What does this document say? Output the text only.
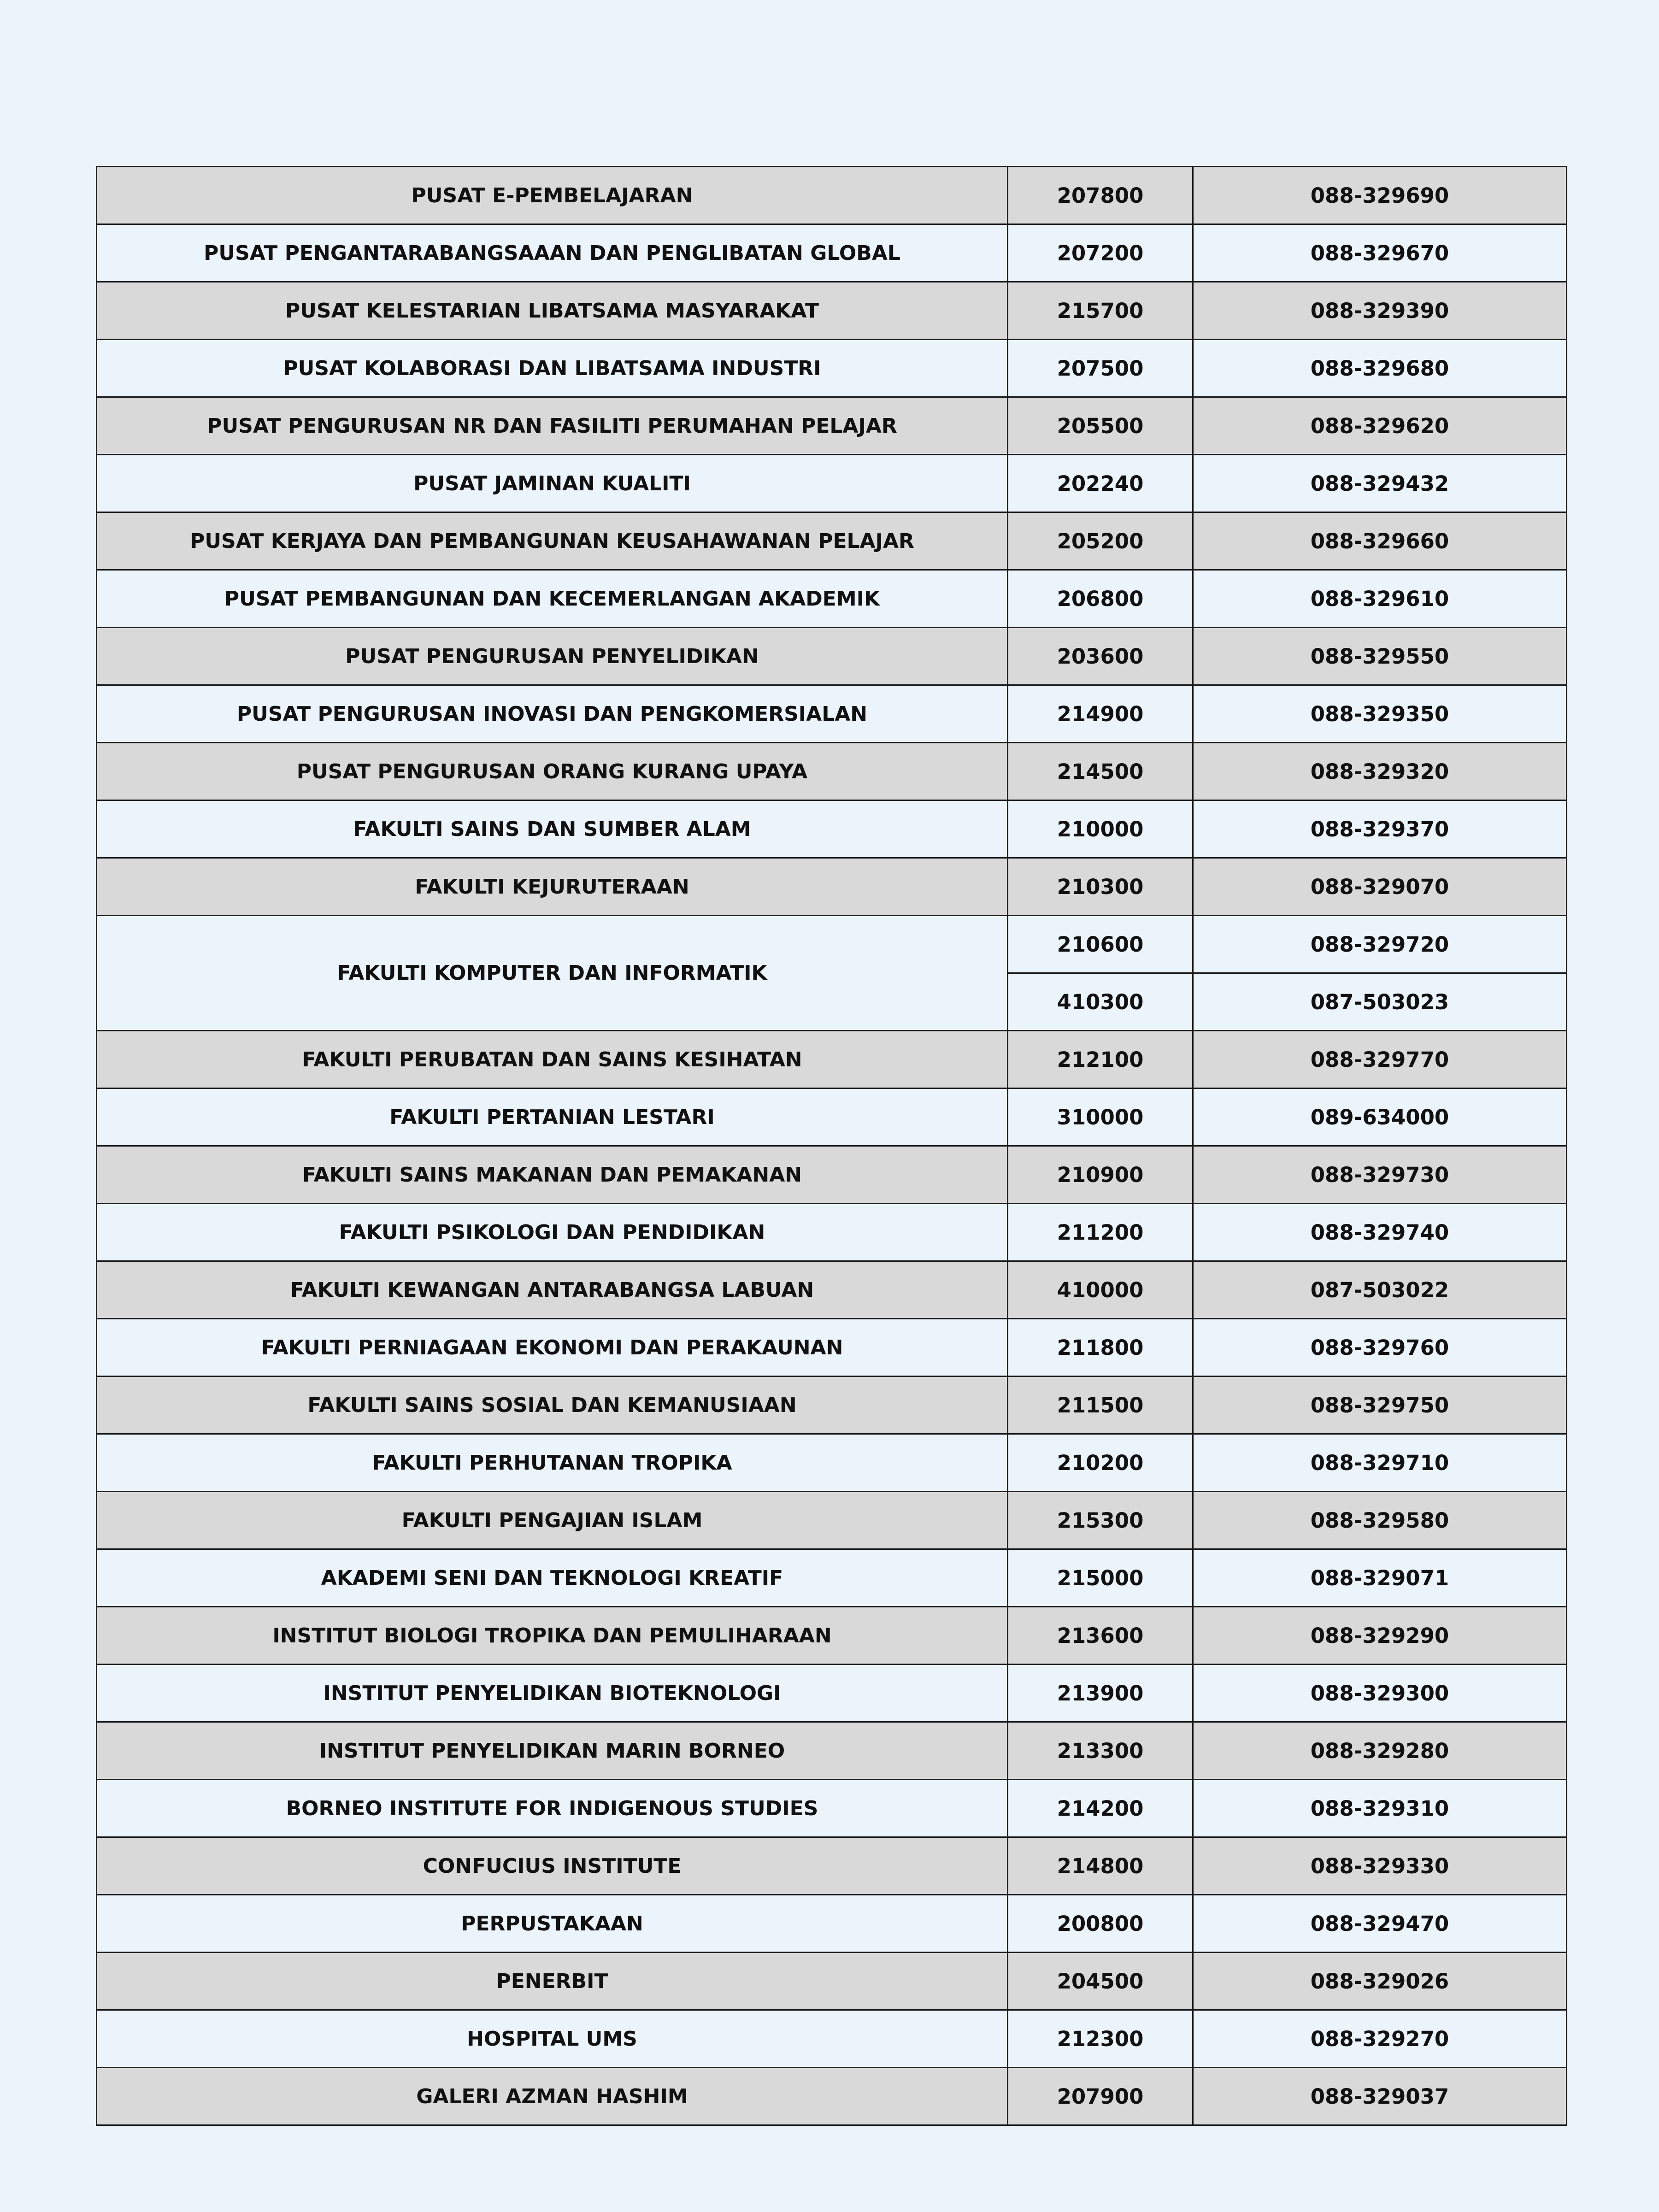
PUSAT E-PEMBELAJARAN	207800	088-329690
PUSAT PENGANTARABANGSAAAN DAN PENGLIBATAN GLOBAL	207200	088-329670
PUSAT KELESTARIAN LIBATSAMA MASYARAKAT	215700	088-329390
PUSAT KOLABORASI DAN LIBATSAMA INDUSTRI	207500	088-329680
PUSAT PENGURUSAN NR DAN FASILITI PERUMAHAN PELAJAR	205500	088-329620
PUSAT JAMINAN KUALITI	202240	088-329432
PUSAT KERJAYA DAN PEMBANGUNAN KEUSAHAWANAN PELAJAR	205200	088-329660
PUSAT PEMBANGUNAN DAN KECEMERLANGAN AKADEMIK	206800	088-329610
PUSAT PENGURUSAN PENYELIDIKAN	203600	088-329550
PUSAT PENGURUSAN INOVASI DAN PENGKOMERSIALAN	214900	088-329350
PUSAT PENGURUSAN ORANG KURANG UPAYA	214500	088-329320
FAKULTI SAINS DAN SUMBER ALAM	210000	088-329370
FAKULTI KEJURUTERAAN	210300	088-329070
FAKULTI KOMPUTER DAN INFORMATIK	210600	088-329720
	410300	087-503023
FAKULTI PERUBATAN DAN SAINS KESIHATAN	212100	088-329770
FAKULTI PERTANIAN LESTARI	310000	089-634000
FAKULTI SAINS MAKANAN DAN PEMAKANAN	210900	088-329730
FAKULTI PSIKOLOGI DAN PENDIDIKAN	211200	088-329740
FAKULTI KEWANGAN ANTARABANGSA LABUAN	410000	087-503022
FAKULTI PERNIAGAAN EKONOMI DAN PERAKAUNAN	211800	088-329760
FAKULTI SAINS SOSIAL DAN KEMANUSIAAN	211500	088-329750
FAKULTI PERHUTANAN TROPIKA	210200	088-329710
FAKULTI PENGAJIAN ISLAM	215300	088-329580
AKADEMI SENI DAN TEKNOLOGI KREATIF	215000	088-329071
INSTITUT BIOLOGI TROPIKA DAN PEMULIHARAAN	213600	088-329290
INSTITUT PENYELIDIKAN BIOTEKNOLOGI	213900	088-329300
INSTITUT PENYELIDIKAN MARIN BORNEO	213300	088-329280
BORNEO INSTITUTE FOR INDIGENOUS STUDIES	214200	088-329310
CONFUCIUS INSTITUTE	214800	088-329330
PERPUSTAKAAN	200800	088-329470
PENERBIT	204500	088-329026
HOSPITAL UMS	212300	088-329270
GALERI AZMAN HASHIM	207900	088-329037
